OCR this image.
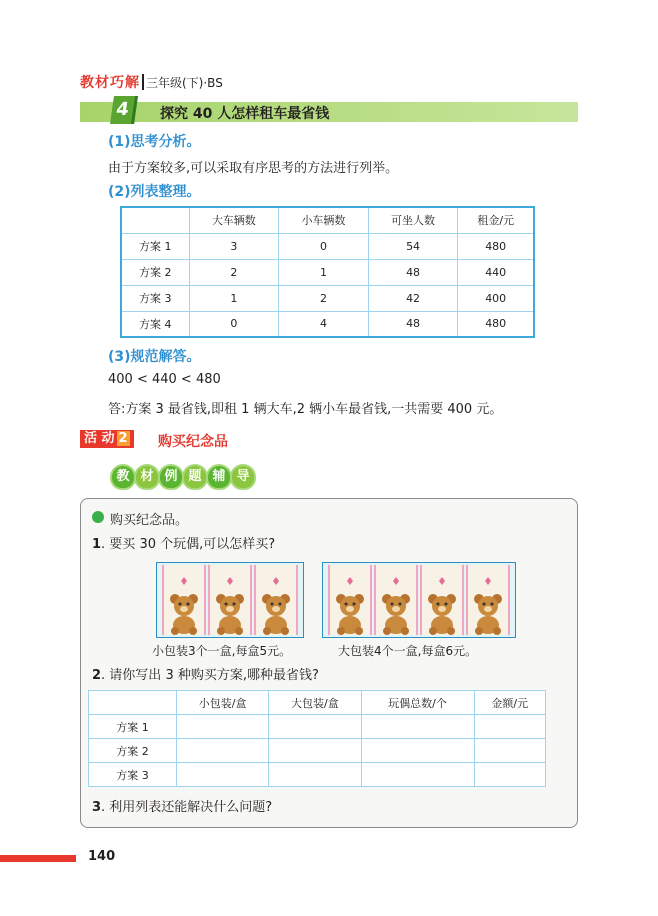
教材巧解 三年级(下)·BS
4	探究 40 人怎样租车最省钱
(1)思考分析。
由于方案较多,可以采取有序思考的方法进行列举。
(2)列表整理。
	大车辆数	小车辆数	可坐人数	租金/元
方案 1	3	0	54	480
方案 2	2	1	48	440
方案 3	1	2	42	400
方案 4	0	4	48	480
(3)规范解答。
400 < 440 < 480
答:方案 3 最省钱,即租 1 辆大车,2 辆小车最省钱,一共需要 400 元。
活 动 2	购买纪念品
教 材 例 题 辅 导
购买纪念品。
1. 要买 30 个玩偶,可以怎样买?
小包装3个一盒,每盒5元。	大包装4个一盒,每盒6元。
2. 请你写出 3 种购买方案,哪种最省钱?
	小包装/盒	大包装/盒	玩偶总数/个	金额/元
方案 1				
方案 2				
方案 3				
3. 利用列表还能解决什么问题?
140
